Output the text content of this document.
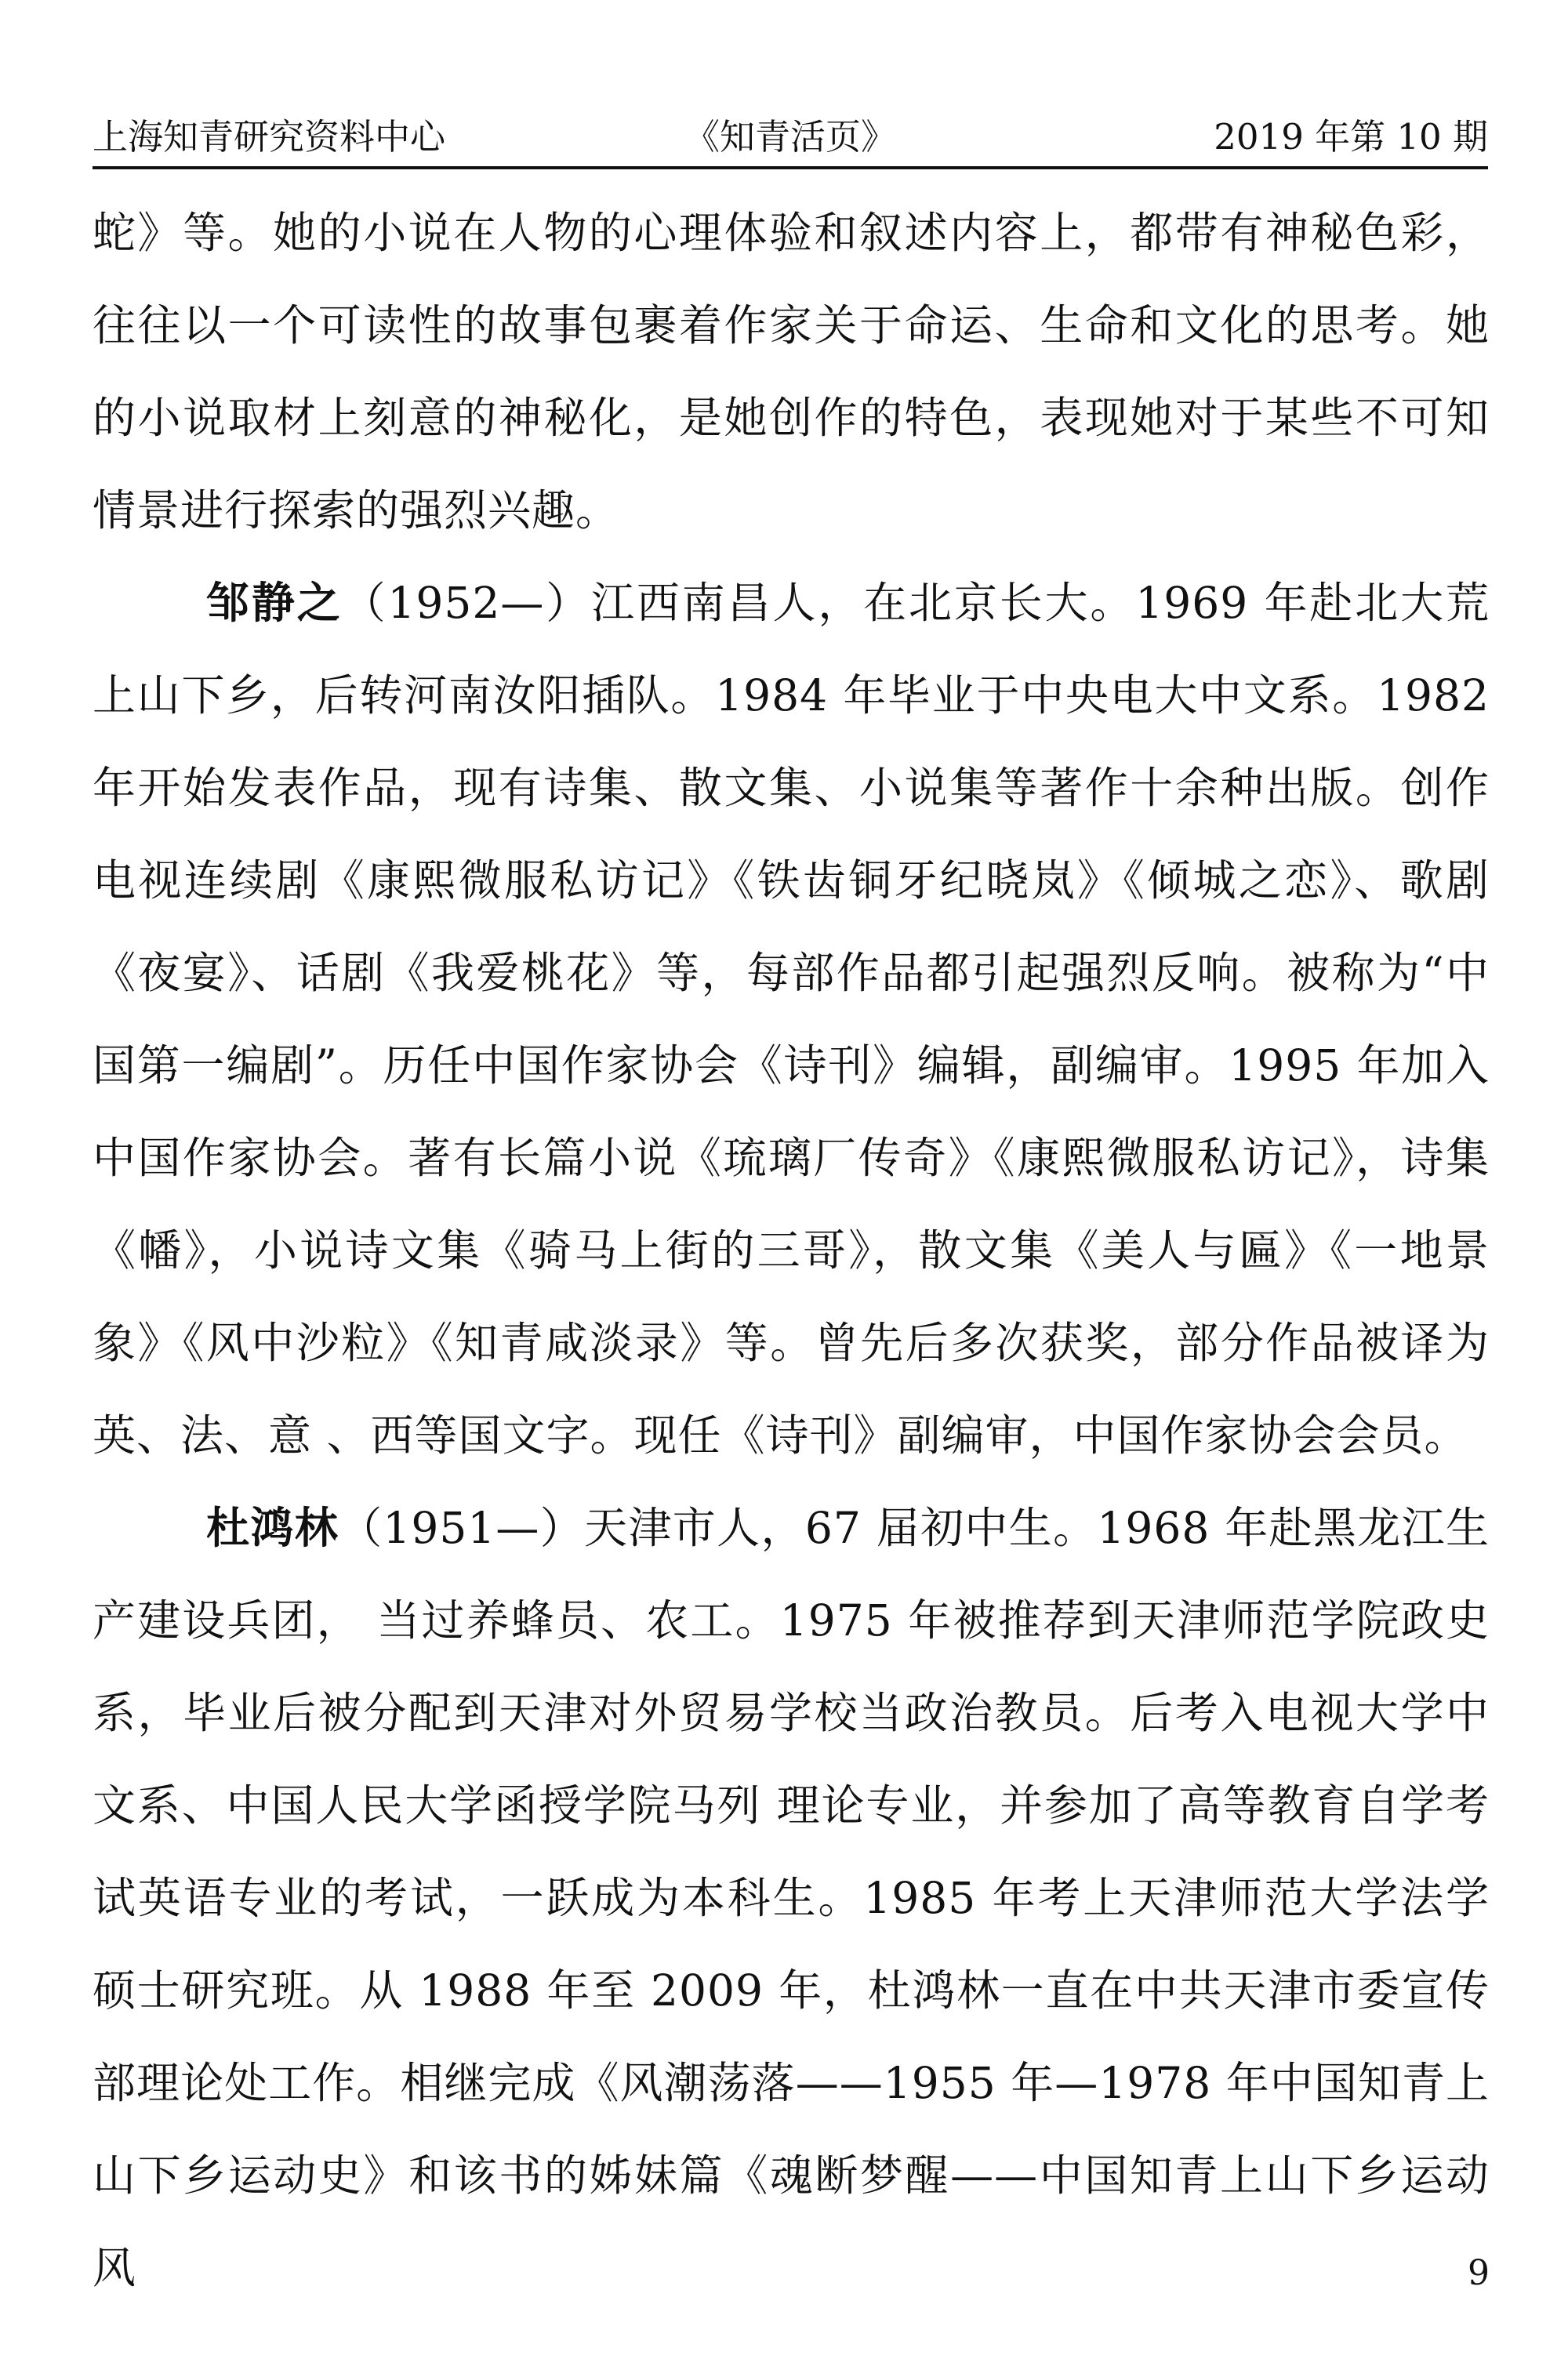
上海知青研究资料中心	《知青活页》	2019 年第 10 期

蛇》等。她的小说在人物的心理体验和叙述内容上，都带有神秘色彩，往往以一个可读性的故事包裹着作家关于命运、生命和文化的思考。她的小说取材上刻意的神秘化，是她创作的特色，表现她对于某些不可知情景进行探索的强烈兴趣。

邹静之（1952—）江西南昌人，在北京长大。1969 年赴北大荒上山下乡，后转河南汝阳插队。1984 年毕业于中央电大中文系。1982 年开始发表作品，现有诗集、散文集、小说集等著作十余种出版。创作电视连续剧《康熙微服私访记》《铁齿铜牙纪晓岚》《倾城之恋》、歌剧《夜宴》、话剧《我爱桃花》等，每部作品都引起强烈反响。被称为“中国第一编剧”。历任中国作家协会《诗刊》编辑，副编审。1995 年加入中国作家协会。著有长篇小说《琉璃厂传奇》《康熙微服私访记》，诗集《幡》，小说诗文集《骑马上街的三哥》，散文集《美人与匾》《一地景象》《风中沙粒》《知青咸淡录》等。曾先后多次获奖，部分作品被译为 英、法、意 、西等国文字。现任《诗刊》副编审，中国作家协会会员。

杜鸿林（1951—）天津市人，67 届初中生。1968 年赴黑龙江生产建设兵团， 当过养蜂员、农工。1975 年被推荐到天津师范学院政史系，毕业后被分配到天津对外贸易学校当政治教员。后考入电视大学中文系、中国人民大学函授学院马列 理论专业，并参加了高等教育自学考试英语专业的考试，一跃成为本科生。1985 年考上天津师范大学法学硕士研究班。从 1988 年至 2009 年，杜鸿林一直在中共天津市委宣传部理论处工作。相继完成《风潮荡落——1955 年—1978 年中国知青上山下乡运动史》和该书的姊妹篇《魂断梦醒——中国知青上山下乡运动风	9
